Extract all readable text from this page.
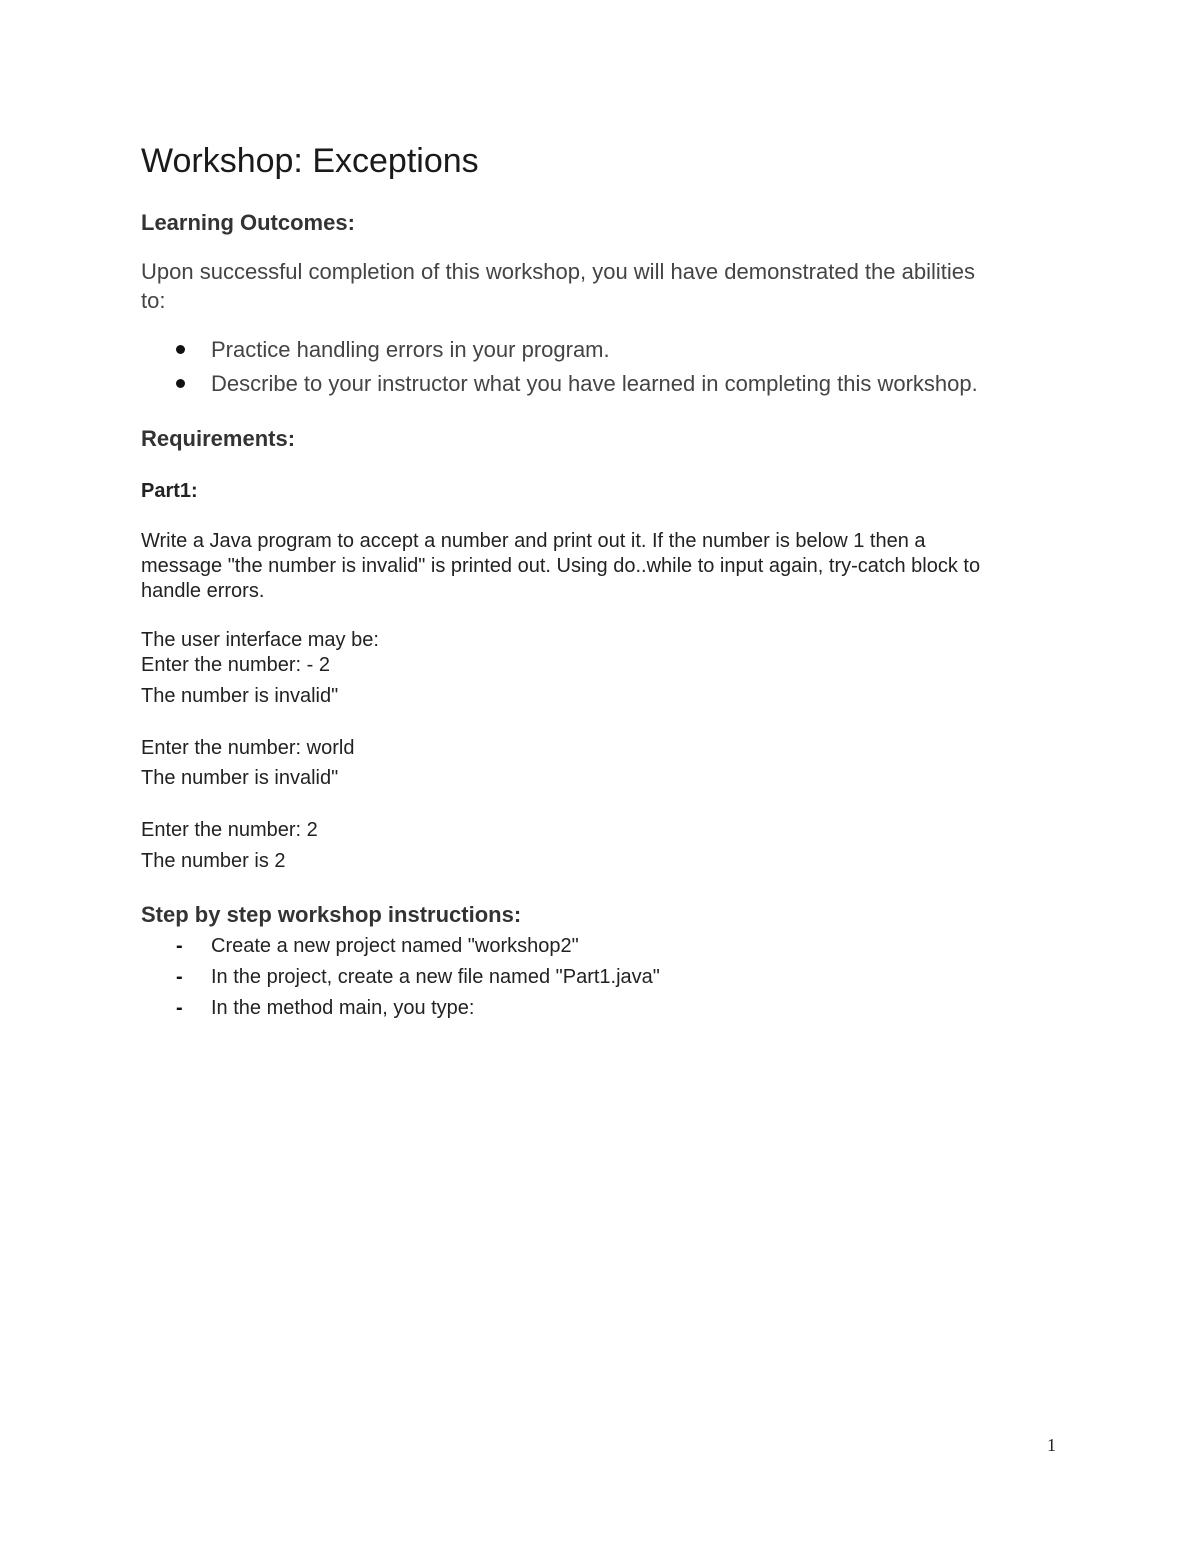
Workshop: Exceptions
Learning Outcomes:
Upon successful completion of this workshop, you will have demonstrated the abilities
to:
Practice handling errors in your program.
Describe to your instructor what you have learned in completing this workshop.
Requirements:
Part1:
Write a Java program to accept a number and print out it. If the number is below 1 then a
message "the number is invalid" is printed out. Using do..while to input again, try-catch block to
handle errors.
The user interface may be:
Enter the number: - 2
The number is invalid"
Enter the number: world
The number is invalid"
Enter the number: 2
The number is 2
Step by step workshop instructions:
- Create a new project named "workshop2"
- In the project, create a new file named "Part1.java"
- In the method main, you type:
1
